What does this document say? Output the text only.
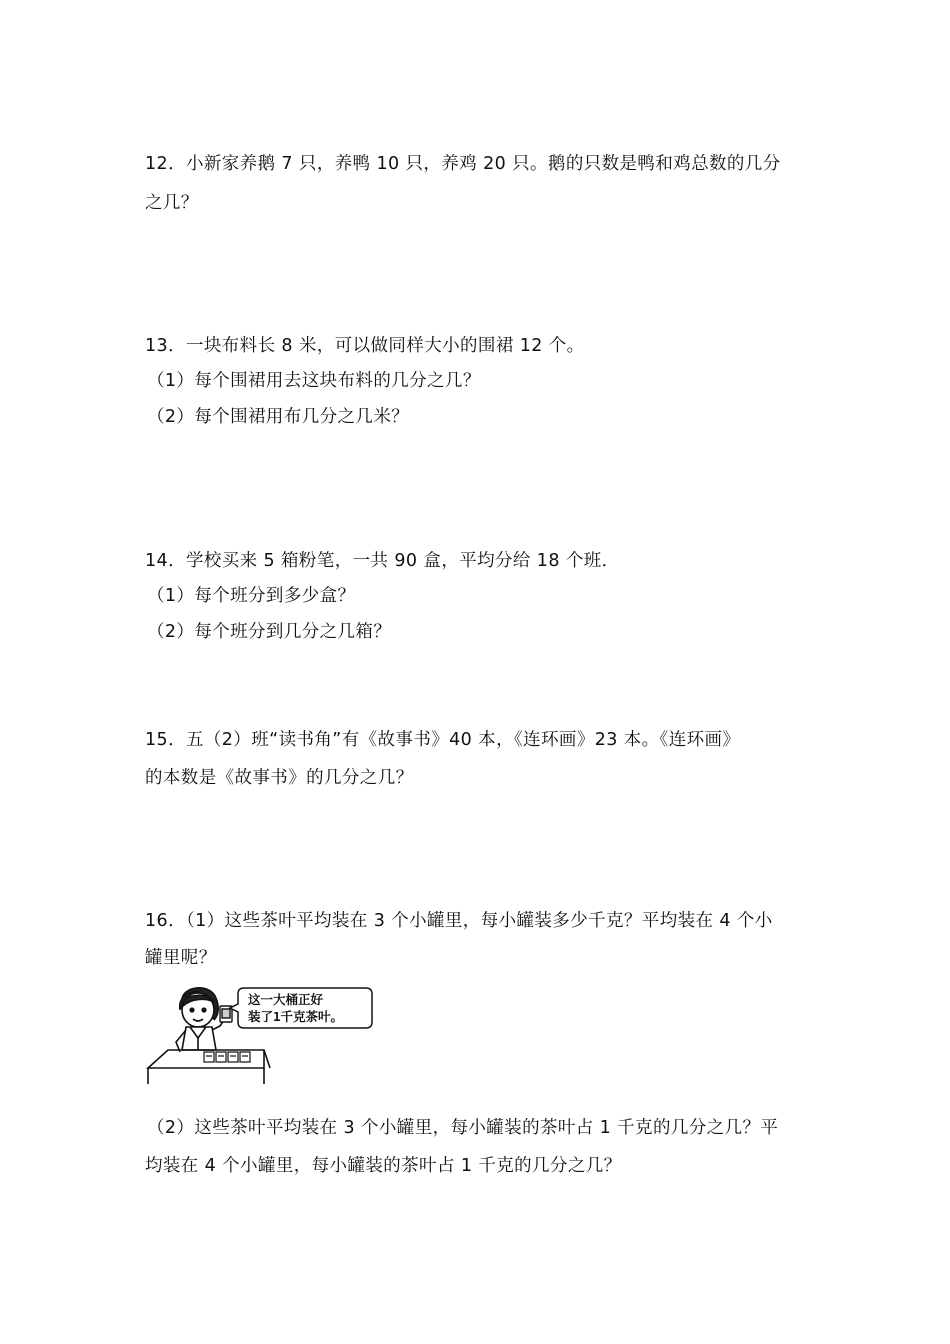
12．小新家养鹅 7 只，养鸭 10 只，养鸡 20 只。鹅的只数是鸭和鸡总数的几分
之几？
13．一块布料长 8 米，可以做同样大小的围裙 12 个。
（1）每个围裙用去这块布料的几分之几？
（2）每个围裙用布几分之几米？
14．学校买来 5 箱粉笔，一共 90 盒，平均分给 18 个班．
（1）每个班分到多少盒？
（2）每个班分到几分之几箱？
15．五（2）班“读书角”有《故事书》40 本，《连环画》23 本。《连环画》
的本数是《故事书》的几分之几？
16．（1）这些茶叶平均装在 3 个小罐里，每小罐装多少千克？平均装在 4 个小
罐里呢？
这一大桶正好
装了1千克茶叶。
（2）这些茶叶平均装在 3 个小罐里，每小罐装的茶叶占 1 千克的几分之几？平
均装在 4 个小罐里，每小罐装的茶叶占 1 千克的几分之几？
